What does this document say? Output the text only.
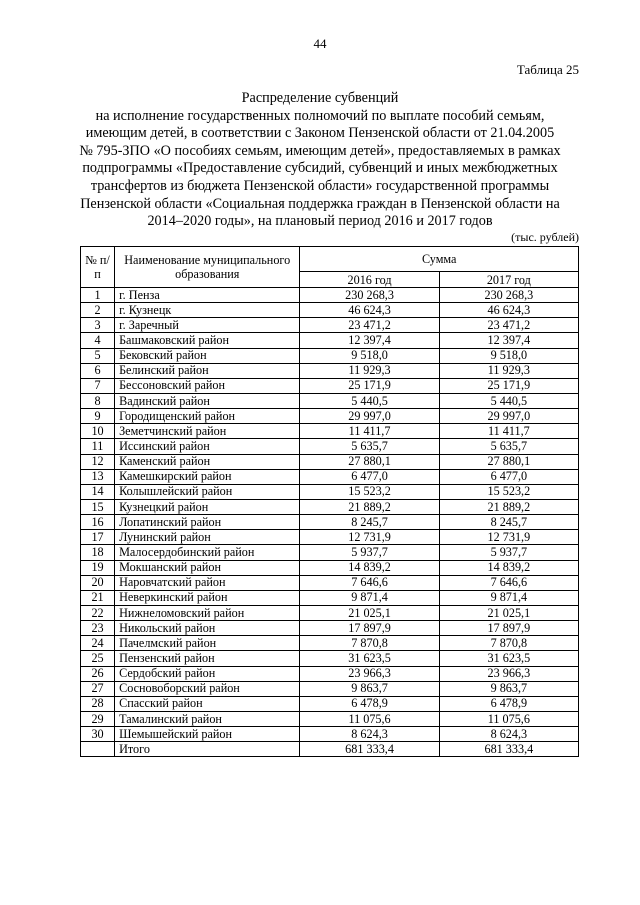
44
Таблица 25
Распределение субвенций
на исполнение государственных полномочий по выплате пособий семьям,
имеющим детей, в соответствии с Законом Пензенской области от 21.04.2005
№ 795-ЗПО «О пособиях семьям, имеющим детей», предоставляемых в рамках
подпрограммы «Предоставление субсидий, субвенций и иных межбюджетных
трансфертов из бюджета Пензенской области» государственной программы
Пензенской области «Социальная поддержка граждан в Пензенской области на
2014–2020 годы», на плановый период 2016 и 2017 годов
(тыс. рублей)
№ п/п	Наименование муниципального образования	Сумма	
		2016 год	2017 год
1	г. Пенза	230 268,3	230 268,3
2	г. Кузнецк	46 624,3	46 624,3
3	г. Заречный	23 471,2	23 471,2
4	Башмаковский район	12 397,4	12 397,4
5	Бековский район	9 518,0	9 518,0
6	Белинский район	11 929,3	11 929,3
7	Бессоновский район	25 171,9	25 171,9
8	Вадинский район	5 440,5	5 440,5
9	Городищенский район	29 997,0	29 997,0
10	Земетчинский район	11 411,7	11 411,7
11	Иссинский район	5 635,7	5 635,7
12	Каменский район	27 880,1	27 880,1
13	Камешкирский район	6 477,0	6 477,0
14	Колышлейский район	15 523,2	15 523,2
15	Кузнецкий район	21 889,2	21 889,2
16	Лопатинский район	8 245,7	8 245,7
17	Лунинский район	12 731,9	12 731,9
18	Малосердобинский район	5 937,7	5 937,7
19	Мокшанский район	14 839,2	14 839,2
20	Наровчатский район	7 646,6	7 646,6
21	Неверкинский район	9 871,4	9 871,4
22	Нижнеломовский район	21 025,1	21 025,1
23	Никольский район	17 897,9	17 897,9
24	Пачелмский район	7 870,8	7 870,8
25	Пензенский район	31 623,5	31 623,5
26	Сердобский район	23 966,3	23 966,3
27	Сосновоборский район	9 863,7	9 863,7
28	Спасский район	6 478,9	6 478,9
29	Тамалинский район	11 075,6	11 075,6
30	Шемышейский район	8 624,3	8 624,3
	Итого	681 333,4	681 333,4
